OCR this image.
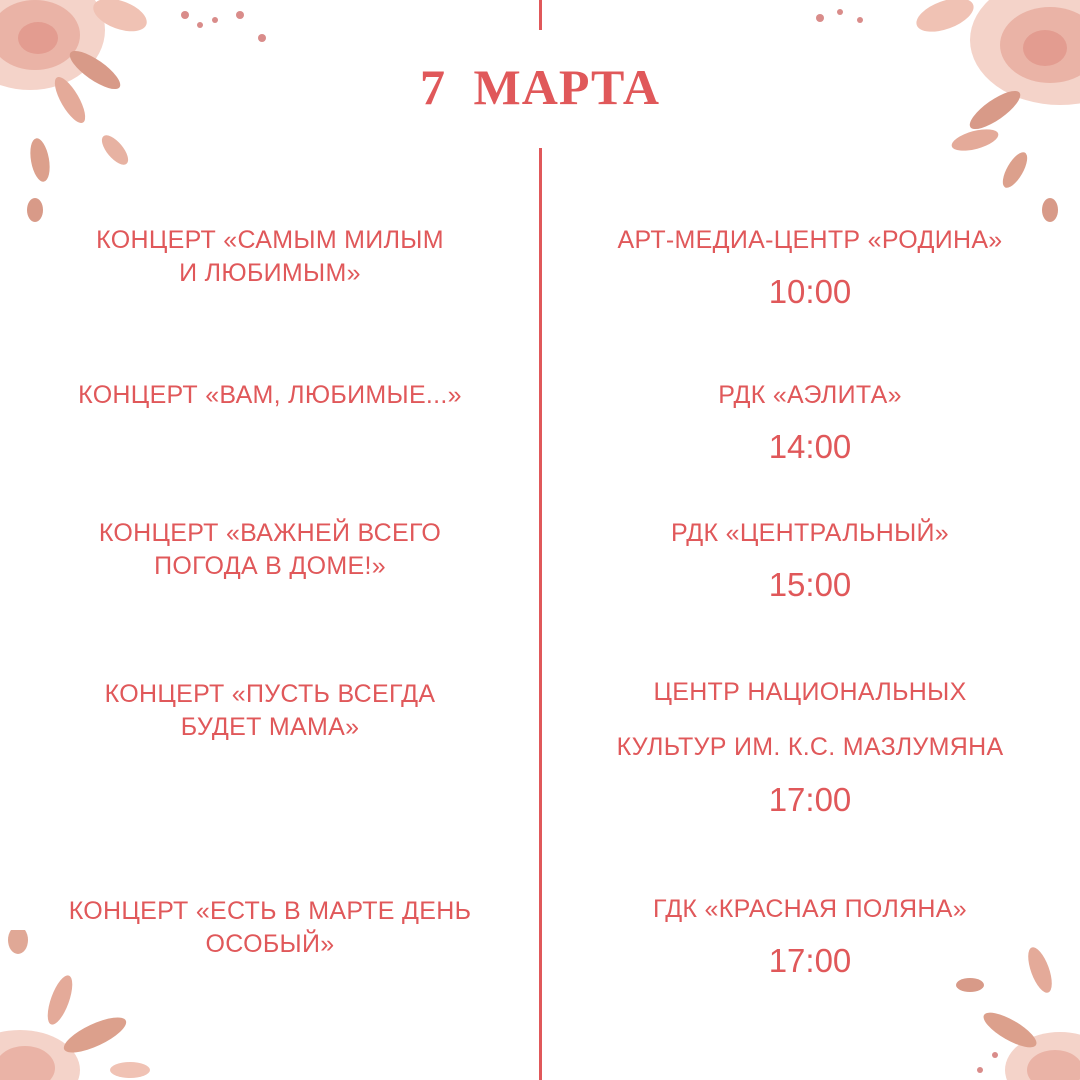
7 МАРТА
КОНЦЕРТ «САМЫМ МИЛЫМ
И ЛЮБИМЫМ»
АРТ-МЕДИА-ЦЕНТР «РОДИНА»
10:00
КОНЦЕРТ «ВАМ, ЛЮБИМЫЕ...»	РДК «АЭЛИТА»
14:00
КОНЦЕРТ «ВАЖНЕЙ ВСЕГО
ПОГОДА В ДОМЕ!»
РДК «ЦЕНТРАЛЬНЫЙ»
15:00
КОНЦЕРТ «ПУСТЬ ВСЕГДА
БУДЕТ МАМА»
ЦЕНТР НАЦИОНАЛЬНЫХ
КУЛЬТУР ИМ. К.С. МАЗЛУМЯНА
17:00
КОНЦЕРТ «ЕСТЬ В МАРТЕ ДЕНЬ
ОСОБЫЙ»
ГДК «КРАСНАЯ ПОЛЯНА»
17:00
